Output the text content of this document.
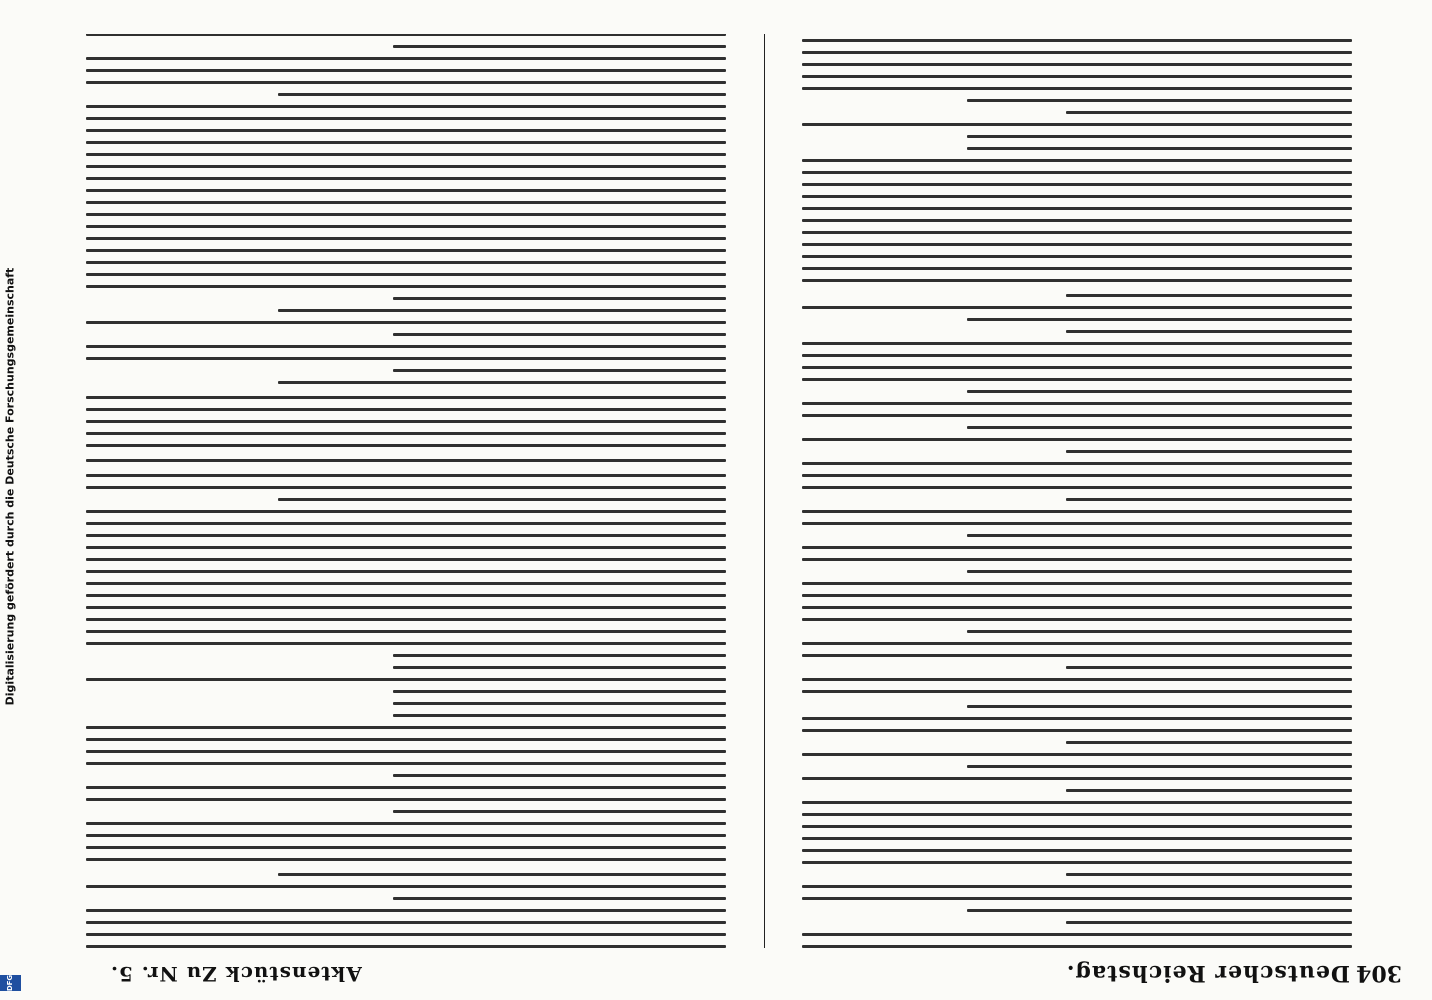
Digitalisierung gefördert durch die Deutsche Forschungsgemeinschaft
DFG	Deutscher Reichstag.
Aktenstück Zu Nr. 5.	304
